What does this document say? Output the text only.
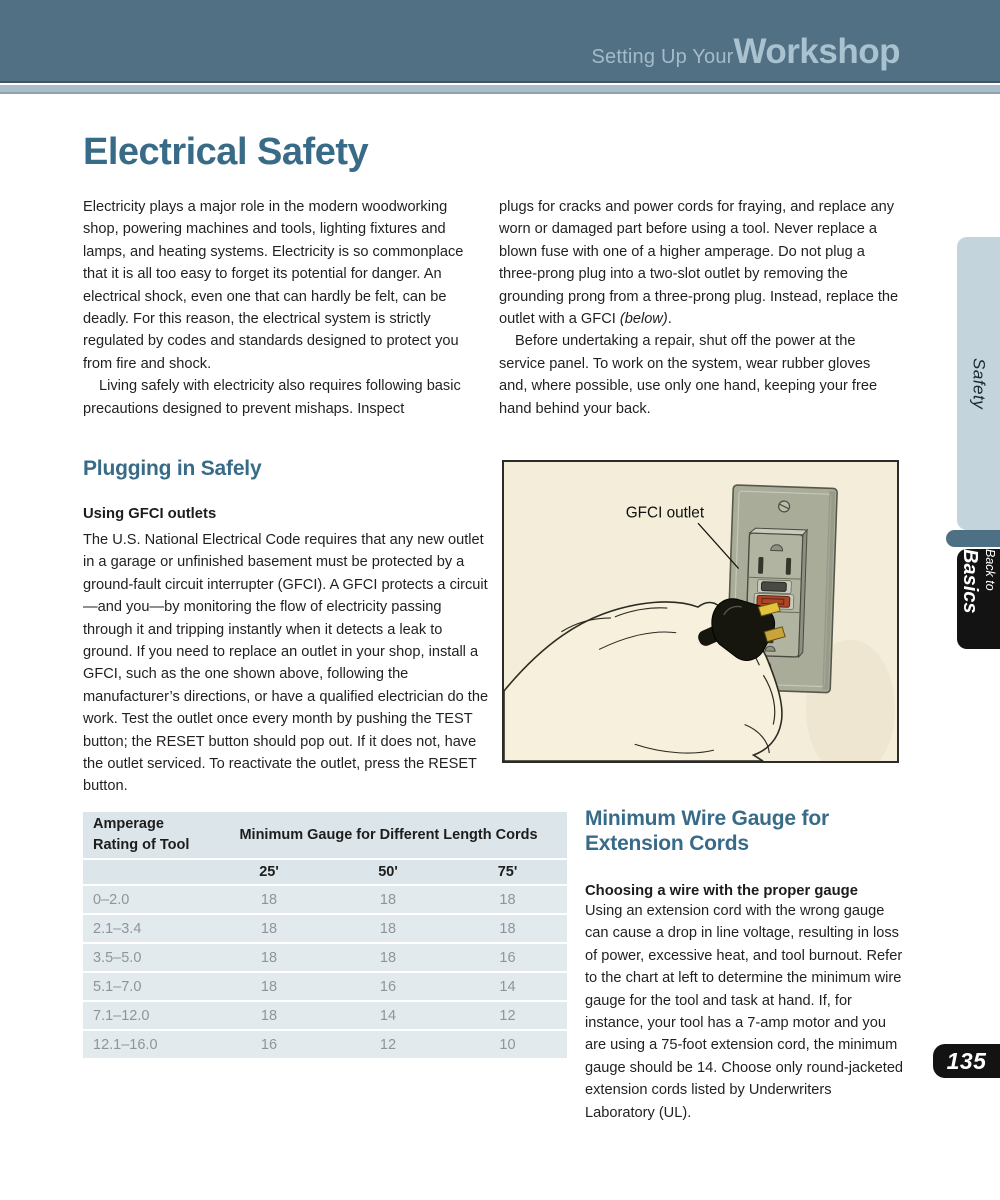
Setting Up Your Workshop
Electrical Safety

Electricity plays a major role in the modern woodworking shop, powering machines and tools, lighting fixtures and lamps, and heating systems. Electricity is so commonplace that it is all too easy to forget its potential for danger. An electrical shock, even one that can hardly be felt, can be deadly. For this reason, the electrical system is strictly regulated by codes and standards designed to protect you from fire and shock.

Living safely with electricity also requires following basic precautions designed to prevent mishaps. Inspect

plugs for cracks and power cords for fraying, and replace any worn or damaged part before using a tool. Never replace a blown fuse with one of a higher amperage. Do not plug a three-prong plug into a two-slot outlet by removing the grounding prong from a three-prong plug. Instead, replace the outlet with a GFCI (below).

Before undertaking a repair, shut off the power at the service panel. To work on the system, wear rubber gloves and, where possible, use only one hand, keeping your free hand behind your back.

Plugging in Safely
Using GFCI outlets

The U.S. National Electrical Code requires that any new outlet in a garage or unfinished basement must be protected by a ground-fault circuit interrupter (GFCI). A GFCI protects a circuit—and you—by monitoring the flow of electricity passing through it and tripping instantly when it detects a leak to ground. If you need to replace an outlet in your shop, install a GFCI, such as the one shown above, following the manufacturer’s directions, or have a qualified electrician do the work. Test the outlet once every month by pushing the TEST button; the RESET button should pop out. If it does not, have the outlet serviced. To reactivate the outlet, press the RESET button.

GFCI outlet
Amperage Rating of Tool	Minimum Gauge for Different Length Cords		
	25'	50'	75'
0–2.0	18	18	18
2.1–3.4	18	18	18
3.5–5.0	18	18	16
5.1–7.0	18	16	14
7.1–12.0	18	14	12
12.1–16.0	16	12	10
Minimum Wire Gauge for Extension Cords
Choosing a wire with the proper gauge

Using an extension cord with the wrong gauge can cause a drop in line voltage, resulting in loss of power, excessive heat, and tool burnout. Refer to the chart at left to determine the minimum wire gauge for the tool and task at hand. If, for instance, your tool has a 7-amp motor and you are using a 75-foot extension cord, the minimum gauge should be 14. Choose only round-jacketed extension cords listed by Underwriters Laboratory (UL).

Safety
Back to Basics
135
